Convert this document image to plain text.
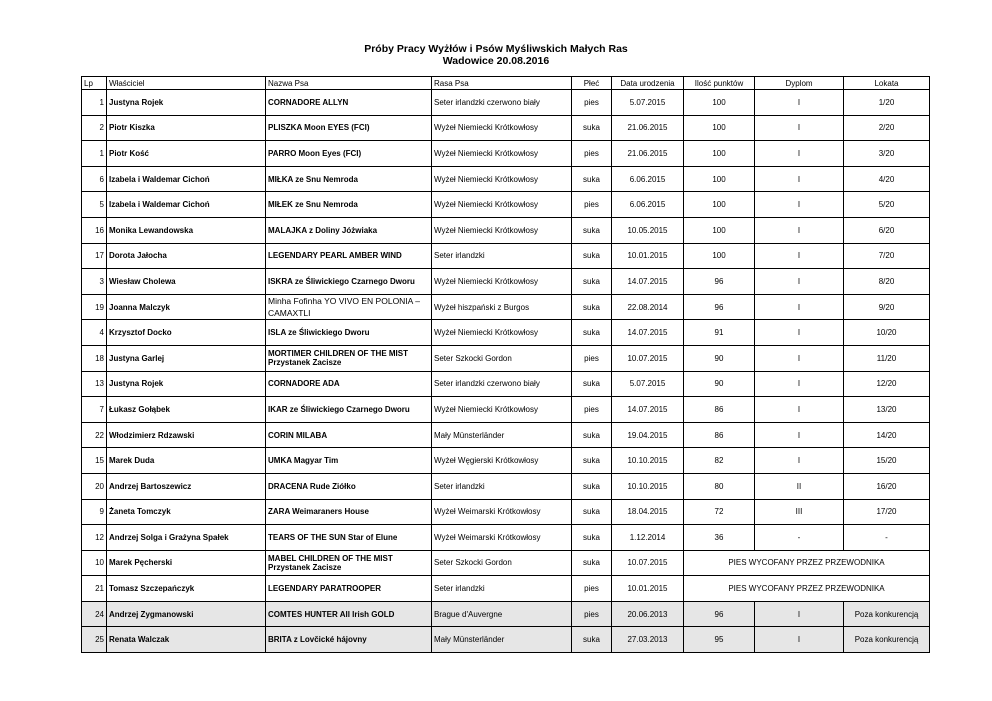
Próby Pracy Wyżłów i Psów Myśliwskich Małych Ras
Wadowice 20.08.2016
Lp	Właściciel	Nazwa Psa	Rasa Psa	Płeć	Data urodzenia	Ilość punktów	Dyplom	Lokata
1	Justyna Rojek	CORNADORE ALLYN	Seter irlandzki czerwono biały	pies	5.07.2015	100	I	1/20
2	Piotr Kiszka	PLISZKA Moon EYES (FCI)	Wyżeł Niemiecki Krótkowłosy	suka	21.06.2015	100	I	2/20
1	Piotr Kość	PARRO Moon Eyes (FCI)	Wyżeł Niemiecki Krótkowłosy	pies	21.06.2015	100	I	3/20
6	Izabela i Waldemar Cichoń	MIŁKA ze Snu Nemroda	Wyżeł Niemiecki Krótkowłosy	suka	6.06.2015	100	I	4/20
5	Izabela i Waldemar Cichoń	MIŁEK ze Snu Nemroda	Wyżeł Niemiecki Krótkowłosy	pies	6.06.2015	100	I	5/20
16	Monika Lewandowska	MALAJKA z Doliny Jóżwiaka	Wyżeł Niemiecki Krótkowłosy	suka	10.05.2015	100	I	6/20
17	Dorota Jałocha	LEGENDARY PEARL AMBER WIND	Seter irlandzki	suka	10.01.2015	100	I	7/20
3	Wiesław Cholewa	ISKRA ze Śliwickiego Czarnego Dworu	Wyżeł Niemiecki Krótkowłosy	suka	14.07.2015	96	I	8/20
19	Joanna Malczyk	Minha Fofinha YO VIVO EN POLONIA – CAMAXTLI	Wyżeł hiszpański z Burgos	suka	22.08.2014	96	I	9/20
4	Krzysztof Docko	ISLA ze Śliwickiego Dworu	Wyżeł Niemiecki Krótkowłosy	suka	14.07.2015	91	I	10/20
18	Justyna Garlej	MORTIMER CHILDREN OF THE MIST Przystanek Zacisze	Seter Szkocki Gordon	pies	10.07.2015	90	I	11/20
13	Justyna Rojek	CORNADORE ADA	Seter irlandzki czerwono biały	suka	5.07.2015	90	I	12/20
7	Łukasz Gołąbek	IKAR ze Śliwickiego Czarnego Dworu	Wyżeł Niemiecki Krótkowłosy	pies	14.07.2015	86	I	13/20
22	Włodzimierz Rdzawski	CORIN MILABA	Mały Münsterländer	suka	19.04.2015	86	I	14/20
15	Marek Duda	UMKA Magyar Tim	Wyżeł Węgierski Krótkowłosy	suka	10.10.2015	82	I	15/20
20	Andrzej Bartoszewicz	DRACENA Rude Ziółko	Seter irlandzki	suka	10.10.2015	80	II	16/20
9	Żaneta Tomczyk	ZARA Weimaraners House	Wyżeł Weimarski Krótkowłosy	suka	18.04.2015	72	III	17/20
12	Andrzej Solga i Grażyna Spałek	TEARS OF THE SUN Star of Elune	Wyżeł Weimarski Krótkowłosy	suka	1.12.2014	36	-	-
10	Marek Pęcherski	MABEL CHILDREN OF THE MIST Przystanek Zacisze	Seter Szkocki Gordon	suka	10.07.2015	PIES WYCOFANY PRZEZ PRZEWODNIKA		
21	Tomasz Szczepańczyk	LEGENDARY PARATROOPER	Seter irlandzki	pies	10.01.2015	PIES WYCOFANY PRZEZ PRZEWODNIKA		
24	Andrzej Zygmanowski	COMTES HUNTER All Irish GOLD	Brague d'Auvergne	pies	20.06.2013	96	I	Poza konkurencją
25	Renata Walczak	BRITA z Lovčické hájovny	Mały Münsterländer	suka	27.03.2013	95	I	Poza konkurencją
